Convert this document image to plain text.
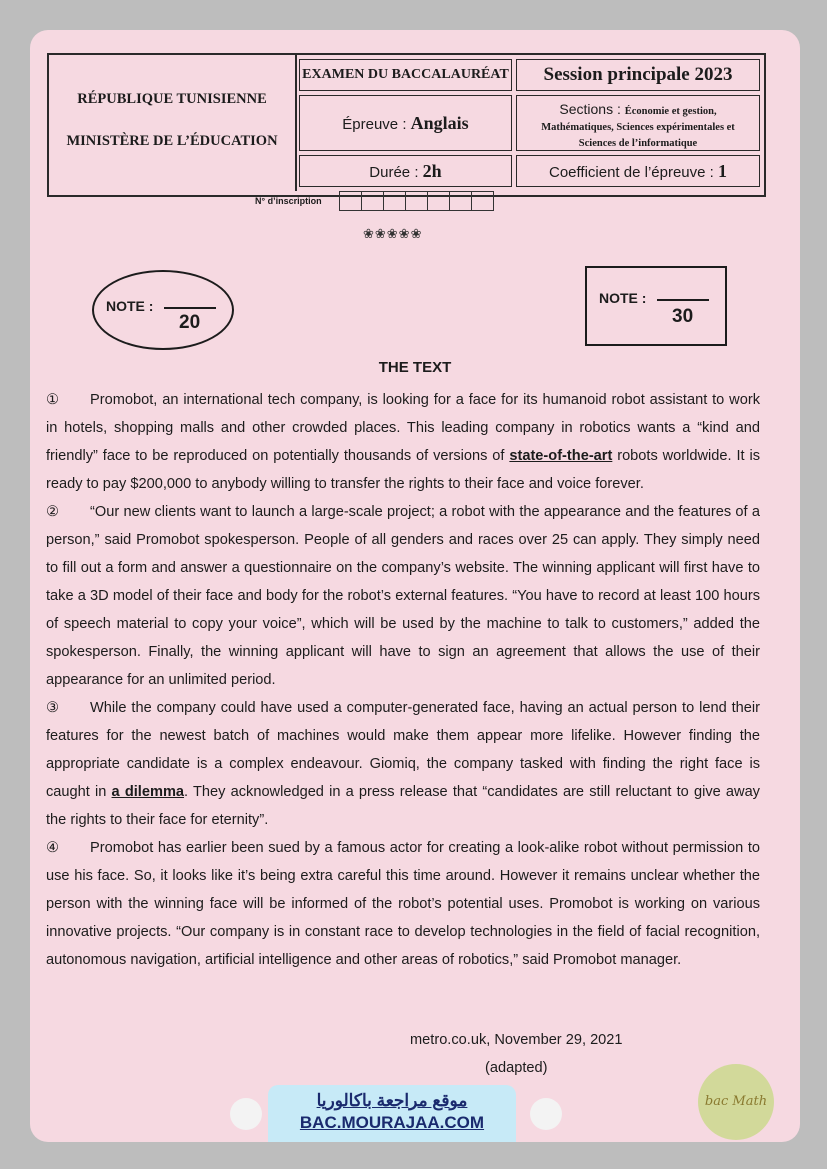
RÉPUBLIQUE TUNISIENNE
MINISTÈRE DE L’ÉDUCATION
EXAMEN DU BACCALAURÉAT	Session principale 2023
Épreuve : Anglais
Sections : Économie et gestion,
Mathématiques, Sciences expérimentales et
Sciences de l’informatique
Durée : 2h	Coefficient de l’épreuve : 1
N° d’inscription
❀❀❀❀❀
NOTE :
20
NOTE :
30
THE TEXT

① Promobot, an international tech company, is looking for a face for its humanoid robot assistant to work in hotels, shopping malls and other crowded places. This leading company in robotics wants a “kind and friendly” face to be reproduced on potentially thousands of versions of state-of-the-art robots worldwide. It is ready to pay $200,000 to anybody willing to transfer the rights to their face and voice forever.

② “Our new clients want to launch a large-scale project; a robot with the appearance and the features of a person,” said Promobot spokesperson. People of all genders and races over 25 can apply. They simply need to fill out a form and answer a questionnaire on the company’s website. The winning applicant will first have to take a 3D model of their face and body for the robot’s external features. “You have to record at least 100 hours of speech material to copy your voice”, which will be used by the machine to talk to customers,” added the spokesperson. Finally, the winning applicant will have to sign an agreement that allows the use of their appearance for an unlimited period.

③ While the company could have used a computer-generated face, having an actual person to lend their features for the newest batch of machines would make them appear more lifelike. However finding the appropriate candidate is a complex endeavour. Giomiq, the company tasked with finding the right face is caught in a dilemma. They acknowledged in a press release that “candidates are still reluctant to give away the rights to their face for eternity”.

④ Promobot has earlier been sued by a famous actor for creating a look-alike robot without permission to use his face. So, it looks like it’s being extra careful this time around. However it remains unclear whether the person with the winning face will be informed of the robot’s potential uses. Promobot is working on various innovative projects. “Our company is in constant race to develop technologies in the field of facial recognition, autonomous navigation, artificial intelligence and other areas of robotics,” said Promobot manager.

metro.co.uk, November 29, 2021
(adapted)
موقع مراجعة باكالوريا
BAC.MOURAJAA.COM
bac Math
